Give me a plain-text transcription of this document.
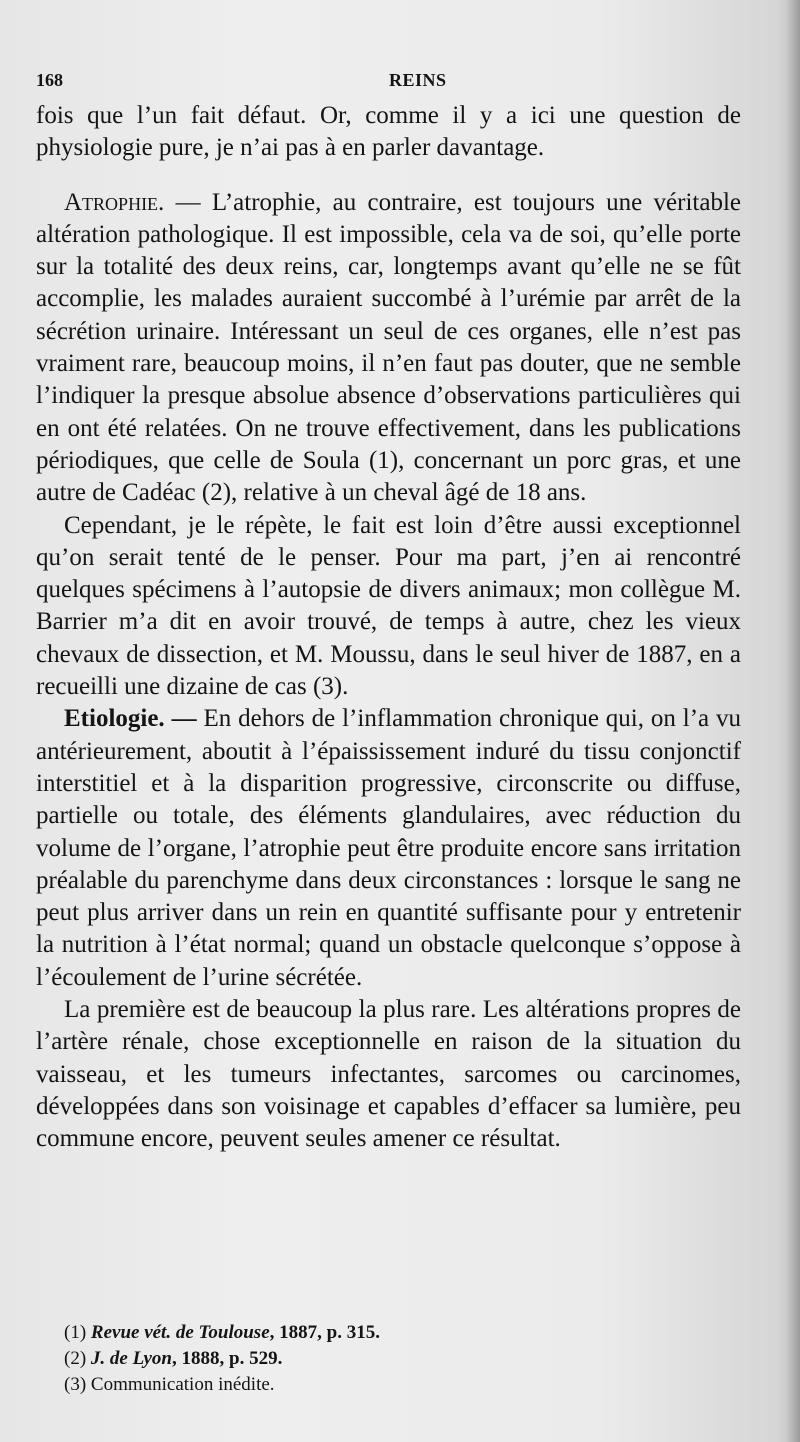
168	REINS

fois que l’un fait défaut. Or, comme il y a ici une question de physiologie pure, je n’ai pas à en parler davantage.

Atrophie. — L’atrophie, au contraire, est toujours une véritable altération pathologique. Il est impossible, cela va de soi, qu’elle porte sur la totalité des deux reins, car, longtemps avant qu’elle ne se fût accomplie, les malades auraient succombé à l’urémie par arrêt de la sécrétion urinaire. Intéressant un seul de ces organes, elle n’est pas vraiment rare, beaucoup moins, il n’en faut pas douter, que ne semble l’indiquer la presque absolue absence d’observations particulières qui en ont été relatées. On ne trouve effectivement, dans les publications périodiques, que celle de Soula (1), concernant un porc gras, et une autre de Cadéac (2), relative à un cheval âgé de 18 ans.

Cependant, je le répète, le fait est loin d’être aussi exceptionnel qu’on serait tenté de le penser. Pour ma part, j’en ai rencontré quelques spécimens à l’autopsie de divers animaux; mon collègue M. Barrier m’a dit en avoir trouvé, de temps à autre, chez les vieux chevaux de dissection, et M. Moussu, dans le seul hiver de 1887, en a recueilli une dizaine de cas (3).

Etiologie. — En dehors de l’inflammation chronique qui, on l’a vu antérieurement, aboutit à l’épaississement induré du tissu conjonctif interstitiel et à la disparition progressive, circonscrite ou diffuse, partielle ou totale, des éléments glandulaires, avec réduction du volume de l’organe, l’atrophie peut être produite encore sans irritation préalable du parenchyme dans deux circonstances : lorsque le sang ne peut plus arriver dans un rein en quantité suffisante pour y entretenir la nutrition à l’état normal; quand un obstacle quelconque s’oppose à l’écoulement de l’urine sécrétée.

La première est de beaucoup la plus rare. Les altérations propres de l’artère rénale, chose exceptionnelle en raison de la situation du vaisseau, et les tumeurs infectantes, sarcomes ou carcinomes, développées dans son voisinage et capables d’effacer sa lumière, peu commune encore, peuvent seules amener ce résultat.

(1) Revue vét. de Toulouse, 1887, p. 315.

(2) J. de Lyon, 1888, p. 529.

(3) Communication inédite.
